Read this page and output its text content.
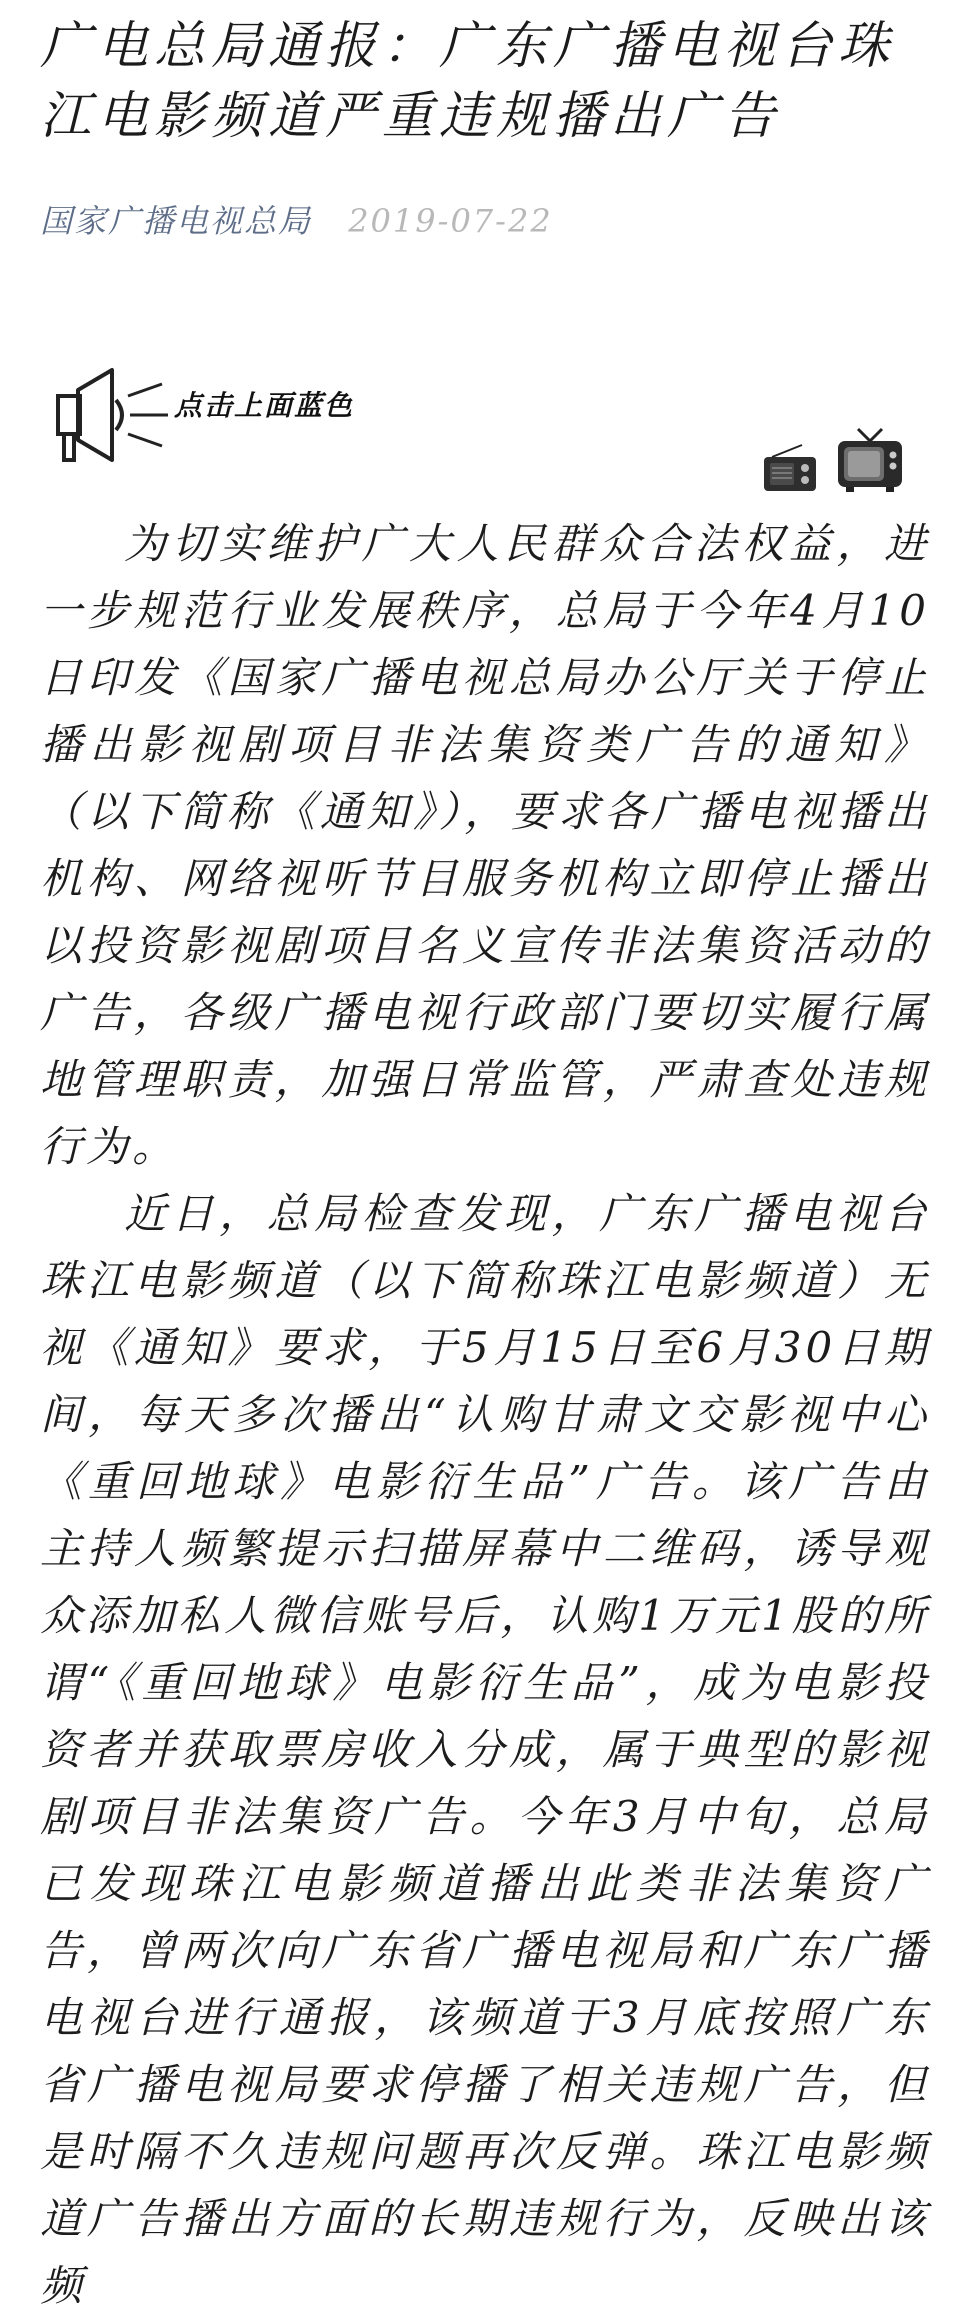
广电总局通报：广东广播电视台珠江电影频道严重违规播出广告
国家广播电视总局 2019-07-22
点击上面蓝色

为切实维护广大人民群众合法权益，进一步规范行业发展秩序，总局于今年4月10日印发《国家广播电视总局办公厅关于停止播出影视剧项目非法集资类广告的通知》（以下简称《通知》），要求各广播电视播出机构、网络视听节目服务机构立即停止播出以投资影视剧项目名义宣传非法集资活动的广告，各级广播电视行政部门要切实履行属地管理职责，加强日常监管，严肃查处违规行为。

近日，总局检查发现，广东广播电视台珠江电影频道（以下简称珠江电影频道）无视《通知》要求，于5月15日至6月30日期间，每天多次播出“认购甘肃文交影视中心《重回地球》电影衍生品”广告。该广告由主持人频繁提示扫描屏幕中二维码，诱导观众添加私人微信账号后，认购1万元1股的所谓“《重回地球》电影衍生品”，成为电影投资者并获取票房收入分成，属于典型的影视剧项目非法集资广告。今年3月中旬，总局已发现珠江电影频道播出此类非法集资广告，曾两次向广东省广播电视局和广东广播电视台进行通报，该频道于3月底按照广东省广播电视局要求停播了相关违规广告，但是时隔不久违规问题再次反弹。珠江电影频道广告播出方面的长期违规行为，反映出该频
